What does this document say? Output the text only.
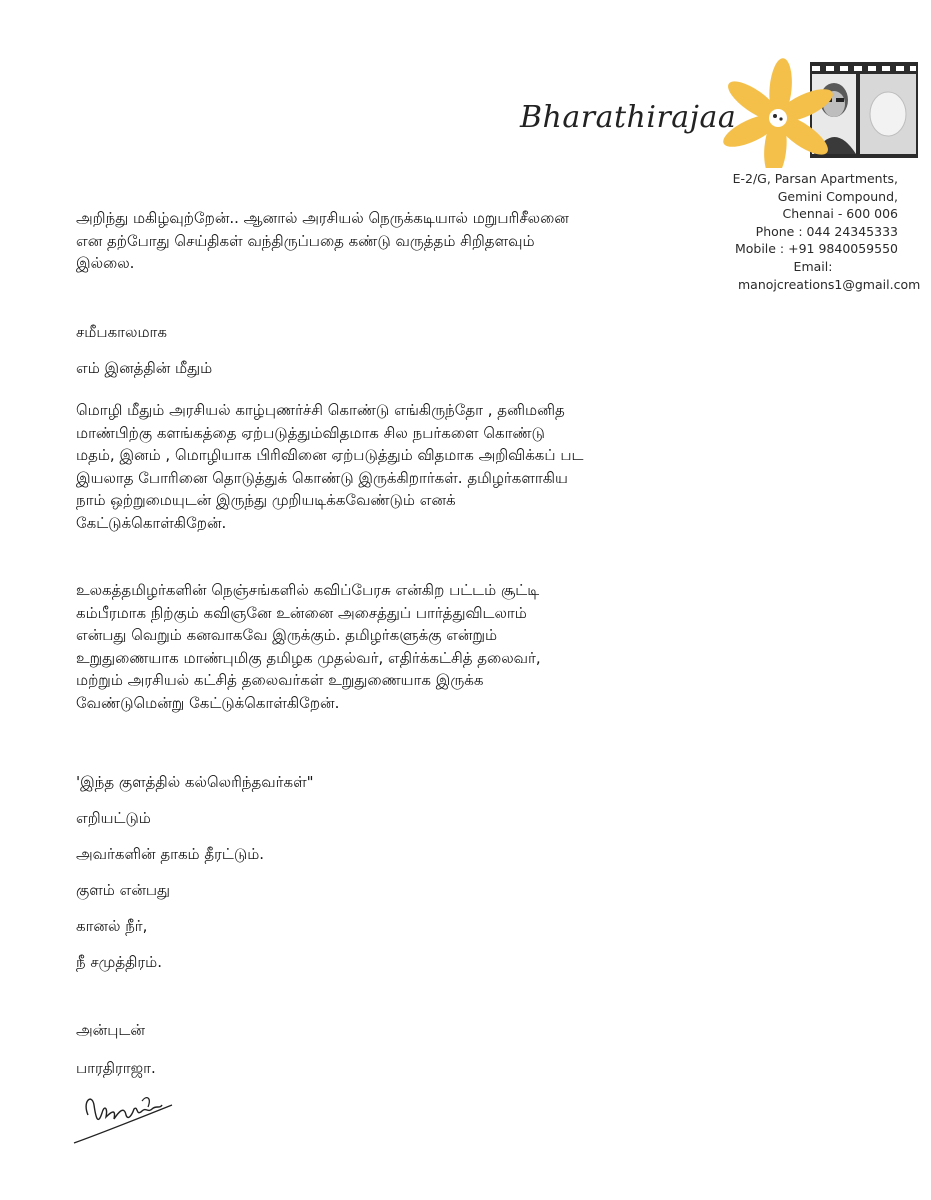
Bharathirajaa
E-2/G, Parsan Apartments,
Gemini Compound,
Chennai - 600 006
Phone : 044 24345333
Mobile : +91 9840059550
Email:
manojcreations1@gmail.com
அறிந்து மகிழ்வுற்றேன்.. ஆனால் அரசியல் நெருக்கடியால் மறுபரிசீலனை
என தற்போது செய்திகள் வந்திருப்பதை கண்டு வருத்தம் சிறிதளவும்
இல்லை.
சமீபகாலமாக
எம் இனத்தின் மீதும்
மொழி மீதும் அரசியல் காழ்புணர்ச்சி கொண்டு எங்கிருந்தோ , தனிமனித
மாண்பிற்கு களங்கத்தை ஏற்படுத்தும்விதமாக சில நபர்களை கொண்டு
மதம், இனம் , மொழியாக பிரிவினை ஏற்படுத்தும் விதமாக அறிவிக்கப் பட
இயலாத போரினை தொடுத்துக் கொண்டு இருக்கிறார்கள். தமிழர்களாகிய
நாம் ஒற்றுமையுடன் இருந்து முறியடிக்கவேண்டும் எனக்
கேட்டுக்கொள்கிறேன்.
உலகத்தமிழர்களின் நெஞ்சங்களில் கவிப்பேரசு என்கிற பட்டம் சூட்டி
கம்பீரமாக நிற்கும் கவிஞனே உன்னை அசைத்துப் பார்த்துவிடலாம்
என்பது வெறும் கனவாகவே இருக்கும். தமிழர்களுக்கு என்றும்
உறுதுணையாக மாண்புமிகு தமிழக முதல்வர், எதிர்க்கட்சித் தலைவர்,
மற்றும் அரசியல் கட்சித் தலைவர்கள் உறுதுணையாக இருக்க
வேண்டுமென்று கேட்டுக்கொள்கிறேன்.
'இந்த குளத்தில் கல்லெரிந்தவர்கள்"
எறியட்டும்
அவர்களின் தாகம் தீரட்டும்.
குளம் என்பது
கானல் நீர்,
நீ சமுத்திரம்.
அன்புடன்
பாரதிராஜா.
